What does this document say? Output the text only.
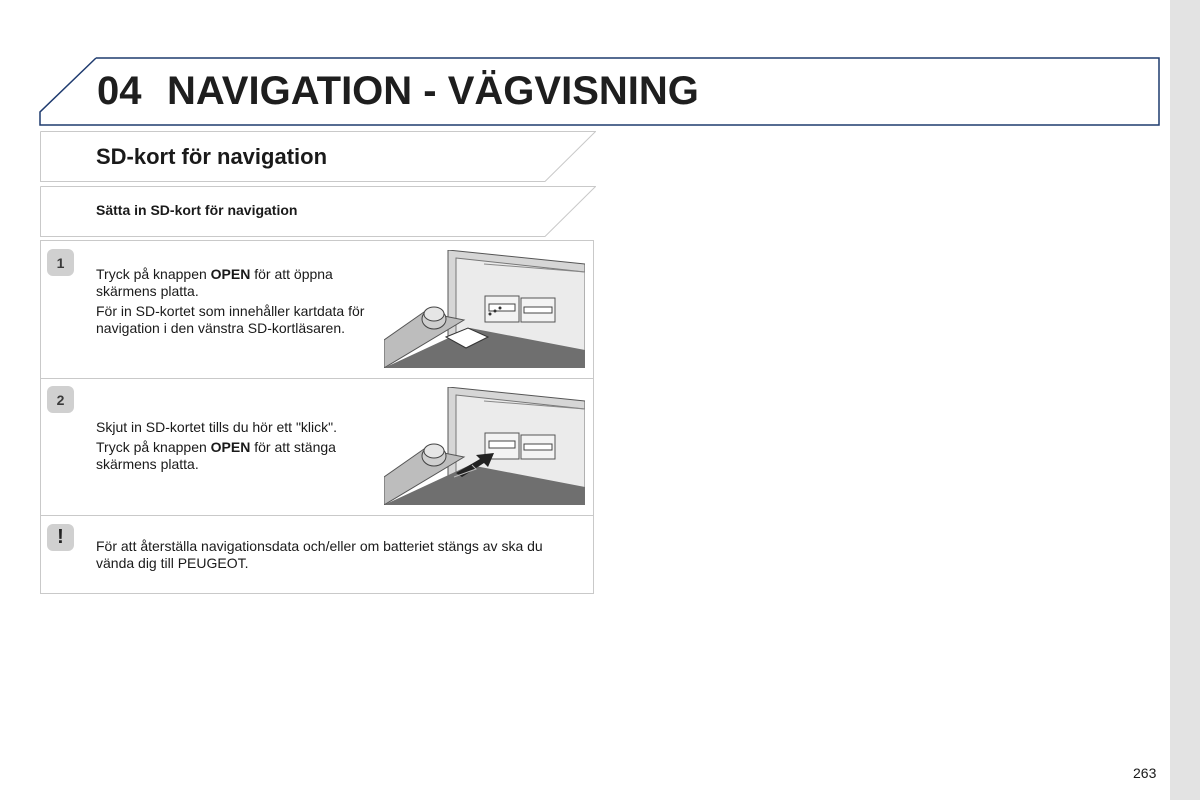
04 NAVIGATION - VÄGVISNING
SD-kort för navigation
Sätta in SD-kort för navigation
1

Tryck på knappen OPEN för att öppna skärmens platta.

För in SD-kortet som innehåller kartdata för navigation i den vänstra SD-kortläsaren.

2

Skjut in SD-kortet tills du hör ett "klick".

Tryck på knappen OPEN för att stänga skärmens platta.

!	För att återställa navigationsdata och/eller om batteriet stängs av ska du vända dig till PEUGEOT.

263
